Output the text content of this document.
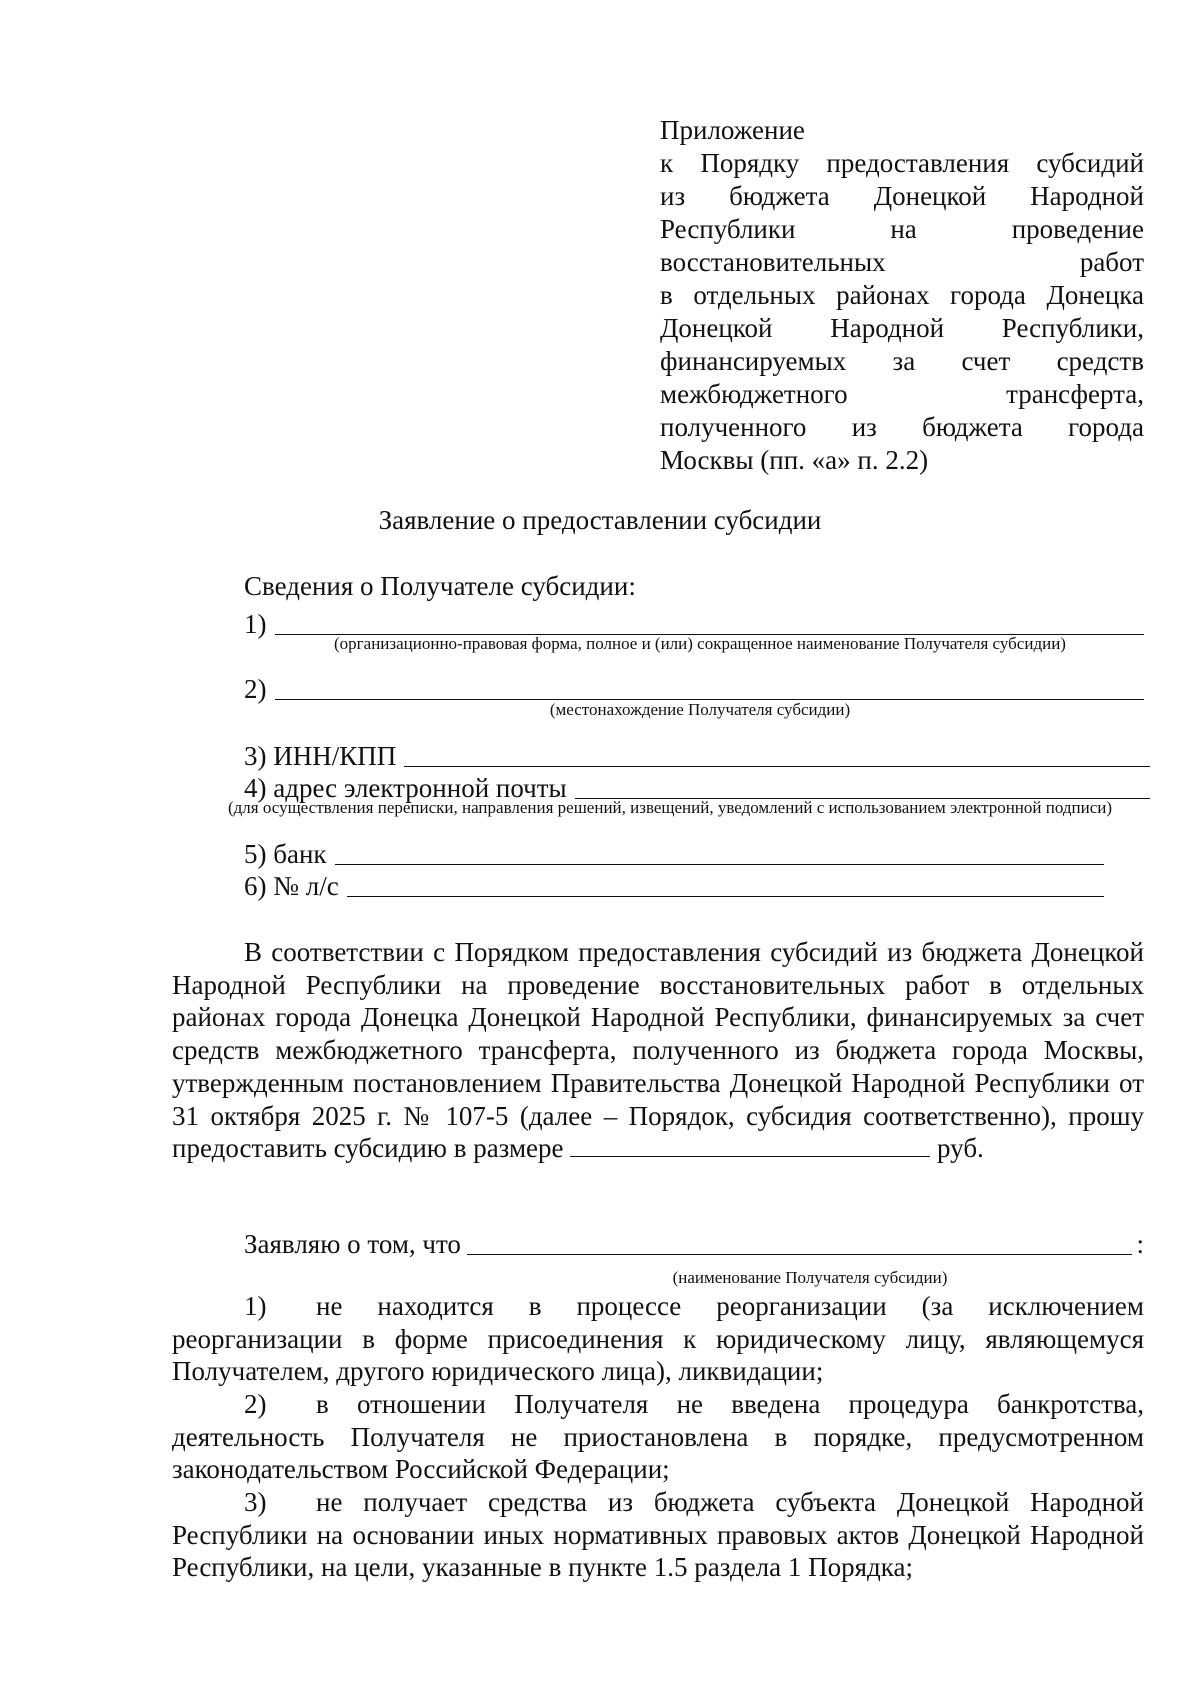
Приложение
к Порядку предоставления субсидий
из бюджета Донецкой Народной
Республики	на	проведение
восстановительных	работ
в отдельных районах города Донецка
Донецкой Народной Республики,
финансируемых за счет средств
межбюджетного	трансферта,
полученного из бюджета города
Москвы (пп. «а» п. 2.2)
Заявление о предоставлении субсидии
Сведения о Получателе субсидии:
1)
(организационно-правовая форма, полное и (или) сокращенное наименование Получателя субсидии)
2)
(местонахождение Получателя субсидии)
3) ИНН/КПП
4) адрес электронной почты
(для осуществления переписки, направления решений, извещений, уведомлений с использованием электронной подписи)
5) банк
6) № л/с
В соответствии с Порядком предоставления субсидий из бюджета Донецкой Народной Республики на проведение восстановительных работ в отдельных районах города Донецка Донецкой Народной Республики, финансируемых за счет средств межбюджетного трансферта, полученного из бюджета города Москвы, утвержденным постановлением Правительства Донецкой Народной Республики от 31 октября 2025 г. № 107-5 (далее – Порядок, субсидия соответственно), прошу предоставить субсидию в размере	руб.
Заявляю о том, что	:
(наименование Получателя субсидии)
1) не находится в процессе реорганизации (за исключением реорганизации в форме присоединения к юридическому лицу, являющемуся Получателем, другого юридического лица), ликвидации;
2) в отношении Получателя не введена процедура банкротства, деятельность Получателя не приостановлена в порядке, предусмотренном законодательством Российской Федерации;
3) не получает средства из бюджета субъекта Донецкой Народной Республики на основании иных нормативных правовых актов Донецкой Народной Республики, на цели, указанные в пункте 1.5 раздела 1 Порядка;
